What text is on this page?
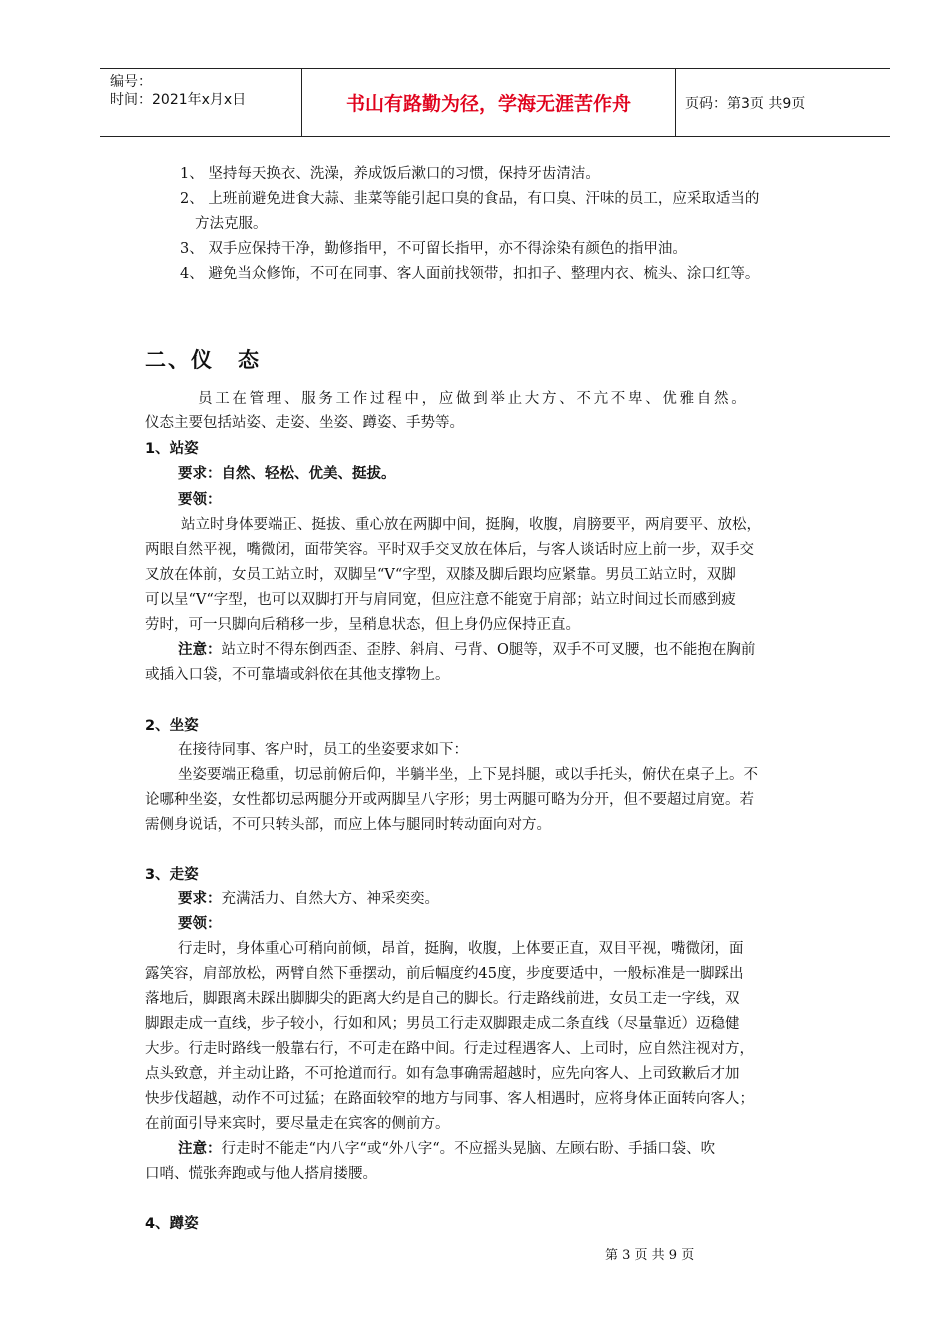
编号：
时间：2021年x月x日	书山有路勤为径，学海无涯苦作舟	页码：第3页 共9页
1、 坚持每天换衣、洗澡，养成饭后漱口的习惯，保持牙齿清洁。
2、 上班前避免进食大蒜、韭菜等能引起口臭的食品，有口臭、汗味的员工，应采取适当的
方法克服。
3、 双手应保持干净，勤修指甲，不可留长指甲，亦不得涂染有颜色的指甲油。
4、 避免当众修饰，不可在同事、客人面前找领带，扣扣子、整理内衣、梳头、涂口红等。
二、仪 态
员工在管理、服务工作过程中，应做到举止大方、不亢不卑、优雅自然。
仪态主要包括站姿、走姿、坐姿、蹲姿、手势等。
1、站姿
要求：自然、轻松、优美、挺拔。
要领：
站立时身体要端正、挺拔、重心放在两脚中间，挺胸，收腹，肩膀要平，两肩要平、放松，
两眼自然平视，嘴微闭，面带笑容。平时双手交叉放在体后，与客人谈话时应上前一步，双手交
叉放在体前，女员工站立时，双脚呈“V“字型，双膝及脚后跟均应紧靠。男员工站立时，双脚
可以呈“V“字型，也可以双脚打开与肩同宽，但应注意不能宽于肩部；站立时间过长而感到疲
劳时，可一只脚向后稍移一步，呈稍息状态，但上身仍应保持正直。
注意：站立时不得东倒西歪、歪脖、斜肩、弓背、O腿等，双手不可叉腰，也不能抱在胸前
或插入口袋，不可靠墙或斜依在其他支撑物上。
2、坐姿
在接待同事、客户时，员工的坐姿要求如下：
坐姿要端正稳重，切忌前俯后仰，半躺半坐，上下晃抖腿，或以手托头，俯伏在桌子上。不
论哪种坐姿，女性都切忌两腿分开或两脚呈八字形；男士两腿可略为分开，但不要超过肩宽。若
需侧身说话，不可只转头部，而应上体与腿同时转动面向对方。
3、走姿
要求：充满活力、自然大方、神采奕奕。
要领：
行走时，身体重心可稍向前倾，昂首，挺胸，收腹，上体要正直，双目平视，嘴微闭，面
露笑容，肩部放松，两臂自然下垂摆动，前后幅度约45度，步度要适中，一般标准是一脚踩出
落地后，脚跟离未踩出脚脚尖的距离大约是自己的脚长。行走路线前进，女员工走一字线，双
脚跟走成一直线，步子较小，行如和风；男员工行走双脚跟走成二条直线（尽量靠近）迈稳健
大步。行走时路线一般靠右行，不可走在路中间。行走过程遇客人、上司时，应自然注视对方，
点头致意，并主动让路，不可抢道而行。如有急事确需超越时，应先向客人、上司致歉后才加
快步伐超越，动作不可过猛；在路面较窄的地方与同事、客人相遇时，应将身体正面转向客人；
在前面引导来宾时，要尽量走在宾客的侧前方。
注意：行走时不能走“内八字“或“外八字“。不应摇头晃脑、左顾右盼、手插口袋、吹
口哨、慌张奔跑或与他人搭肩搂腰。
4、蹲姿
第 3 页 共 9 页
